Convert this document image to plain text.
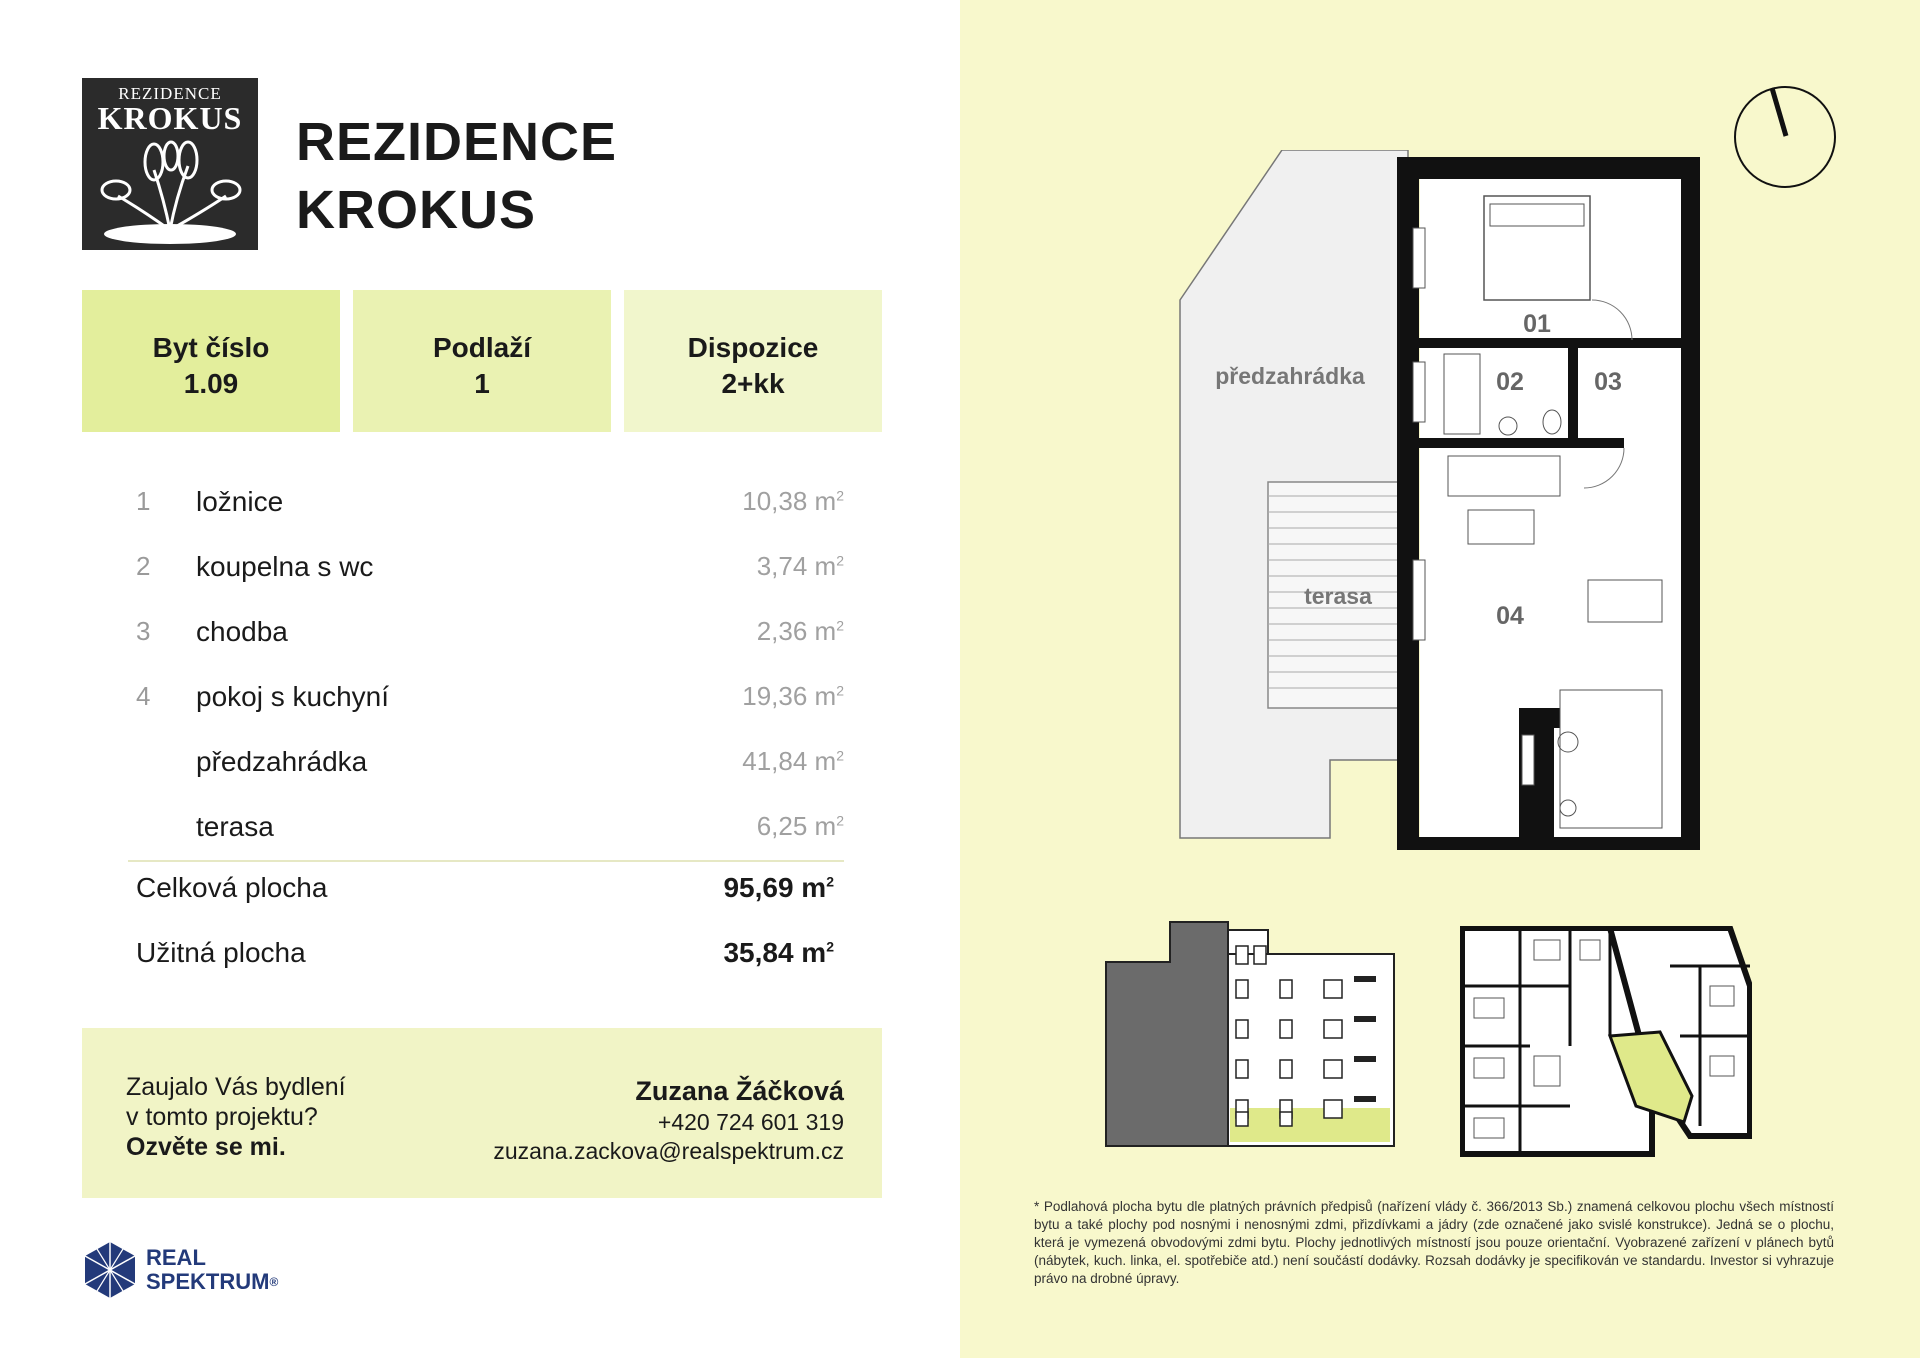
REZIDENCE
KROKUS REZIDENCE
KROKUS
Byt číslo
1.09
Podlaží
1
Dispozice
2+kk
1 ložnice	10,38 $m^2$
2 koupelna s wc	3,74 $m^2$
3 chodba	2,36 $m^2$
4 pokoj s kuchyní	19,36 $m^2$
předzahrádka	41,84 $m^2$
terasa	6,25 $m^2$
Celková plocha	95,69 $m^2$
Užitná plocha	35,84 $m^2$
Zaujalo Vás bydlení
v tomto projektu?
Ozvěte se mi.
Zuzana Žáčková
+420 724 601 319
zuzana.zackova@realspektrum.cz
REAL
SPEKTRUM®
01
02	03
04
předzahrádka
terasa
* Podlahová plocha bytu dle platných právních předpisů (nařízení vlády č. 366/2013 Sb.) znamená celkovou plochu všech místností bytu a také plochy pod nosnými i nenosnými zdmi, přizdívkami a jádry (zde označené jako svislé konstrukce). Jedná se o plochu, která je vymezená obvodovými zdmi bytu. Plochy jednotlivých místností jsou pouze orientační. Vyobrazené zařízení v plánech bytů (nábytek, kuch. linka, el. spotřebiče atd.) není součástí dodávky. Rozsah dodávky je specifikován ve standardu. Investor si vyhrazuje právo na drobné úpravy.
